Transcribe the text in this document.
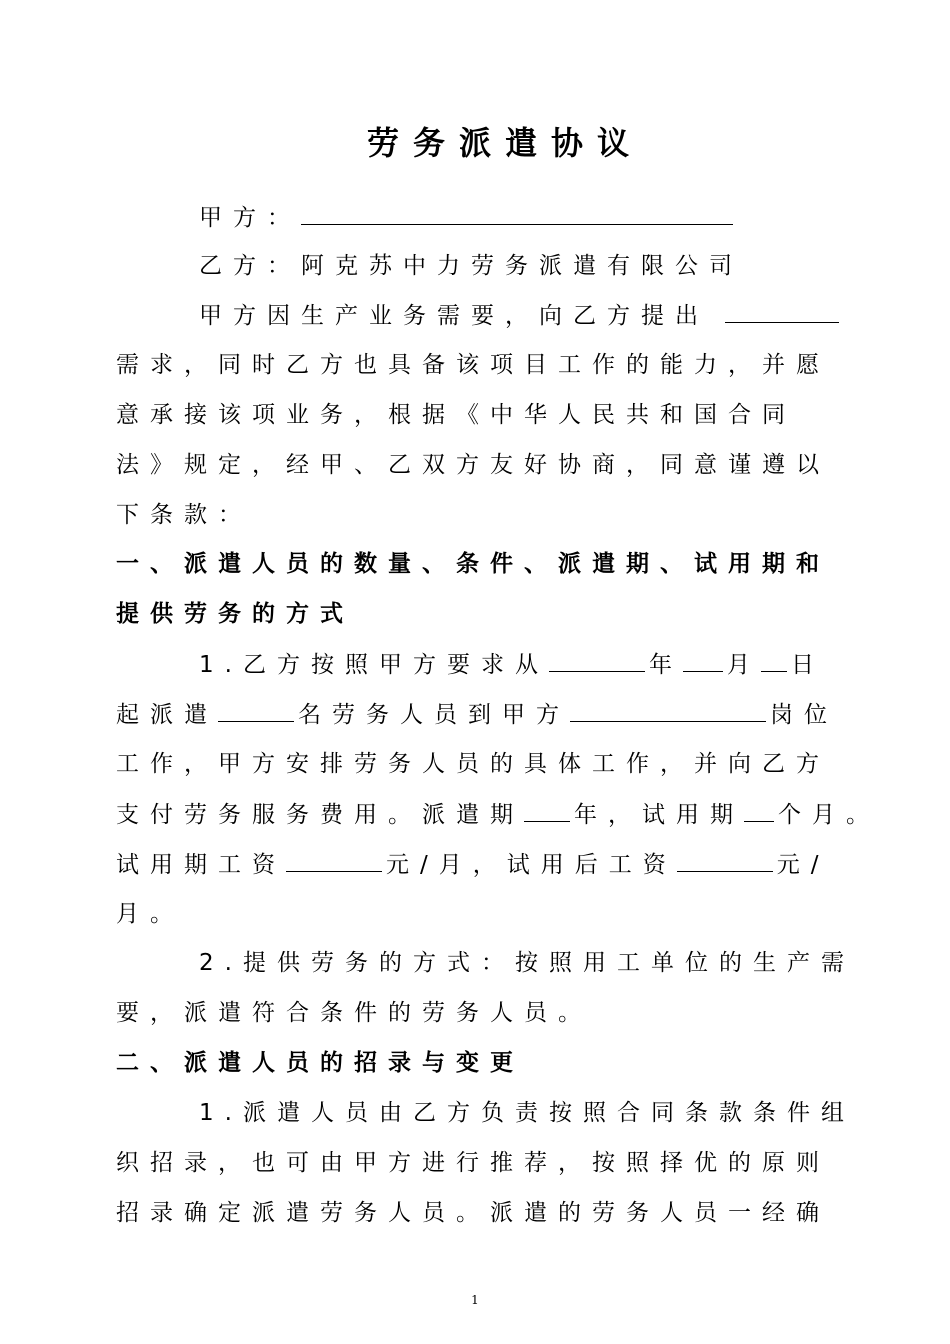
劳务派遣协议
甲方：
乙方：阿克苏中力劳务派遣有限公司
甲方因生产业务需要，向乙方提出
需求，同时乙方也具备该项目工作的能力，并愿
意承接该项业务，根据《中华人民共和国合同
法》规定，经甲、乙双方友好协商，同意谨遵以
下条款：
一、派遣人员的数量、条件、派遣期、试用期和
提供劳务的方式
1.乙方按照甲方要求从	年 月 日
起派遣	名劳务人员到甲方	岗位
工作，甲方安排劳务人员的具体工作，并向乙方
支付劳务服务费用。派遣期 年，试用期 个月。
试用期工资	元/月，试用后工资	元/
月。
2.提供劳务的方式：按照用工单位的生产需
要，派遣符合条件的劳务人员。
二、派遣人员的招录与变更
1.派遣人员由乙方负责按照合同条款条件组
织招录，也可由甲方进行推荐，按照择优的原则
招录确定派遣劳务人员。派遣的劳务人员一经确
1
